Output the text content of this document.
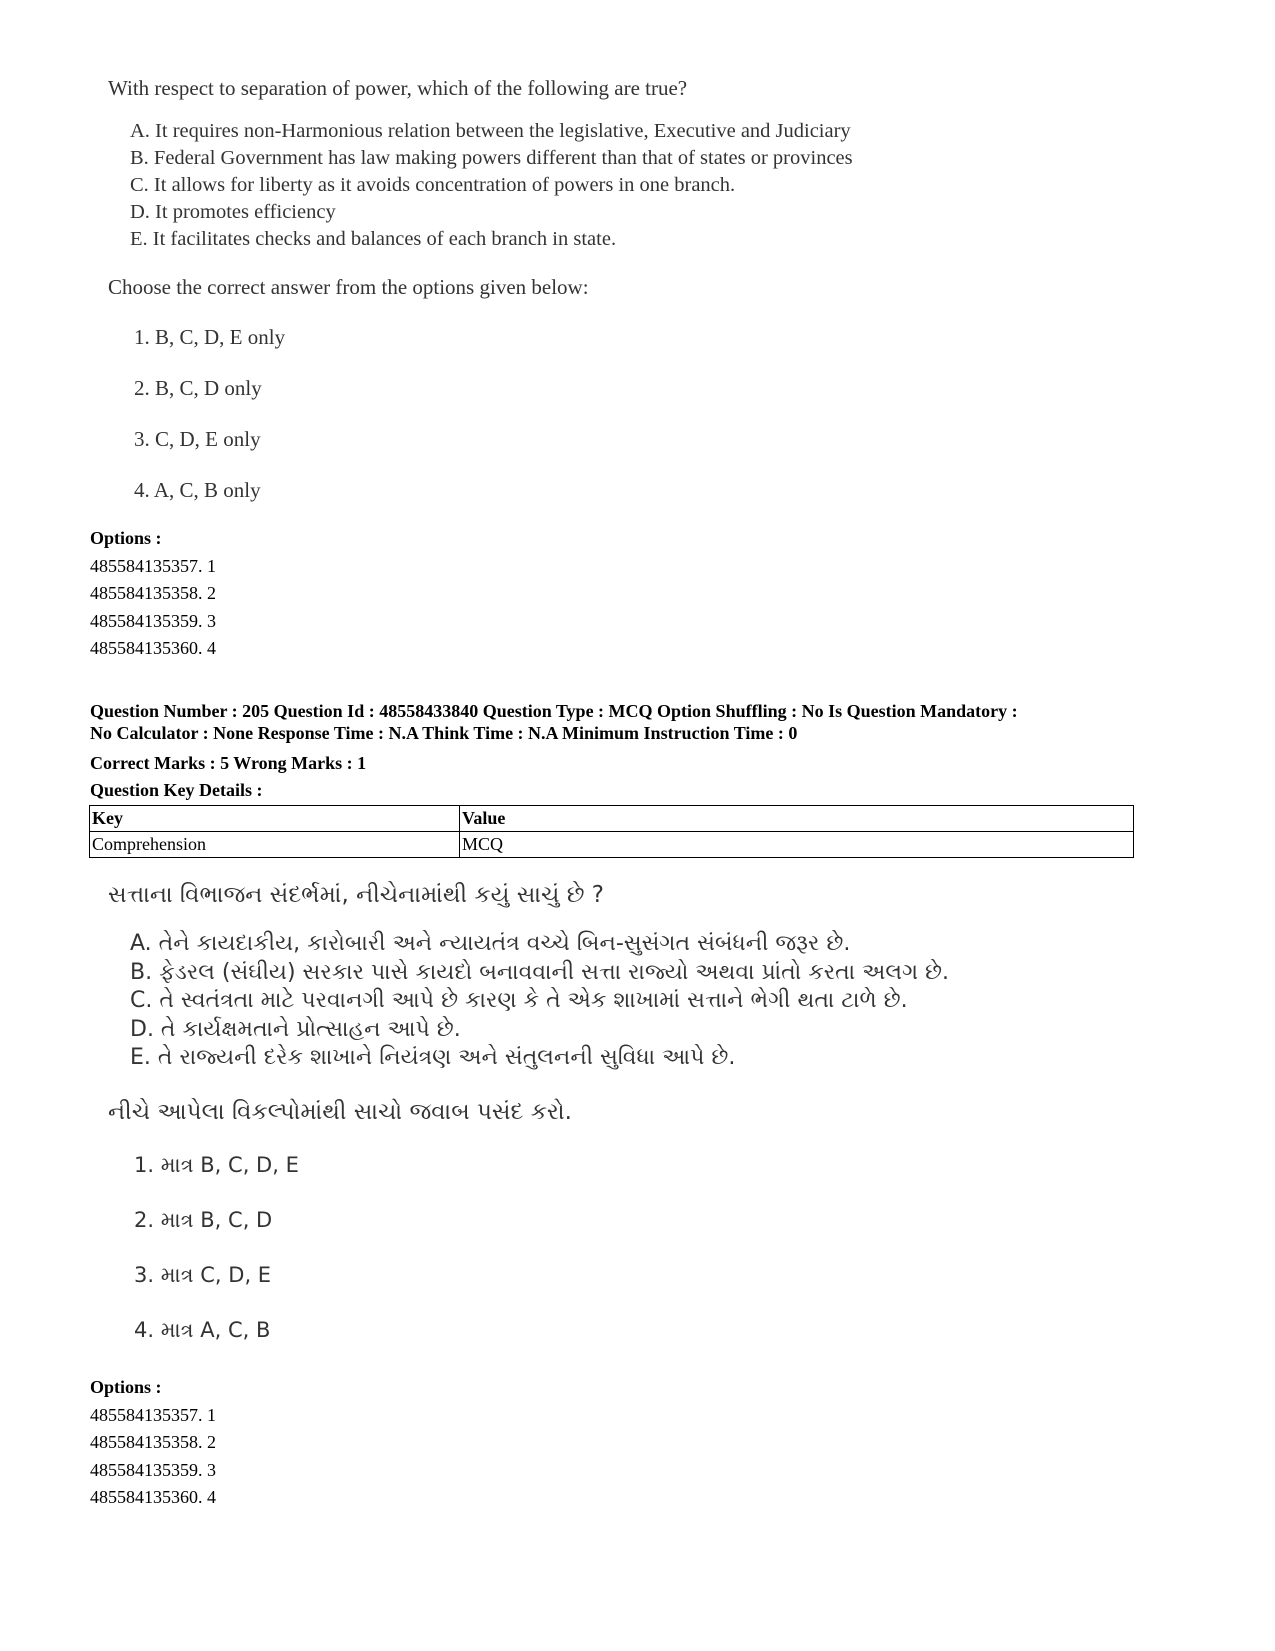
With respect to separation of power, which of the following are true?
A. It requires non-Harmonious relation between the legislative, Executive and Judiciary
B. Federal Government has law making powers different than that of states or provinces
C. It allows for liberty as it avoids concentration of powers in one branch.
D. It promotes efficiency
E. It facilitates checks and balances of each branch in state.
Choose the correct answer from the options given below:
1. B, C, D, E only
2. B, C, D only
3. C, D, E only
4. A, C, B only
Options :
485584135357. 1
485584135358. 2
485584135359. 3
485584135360. 4
Question Number : 205 Question Id : 48558433840 Question Type : MCQ Option Shuffling : No Is Question Mandatory :
No Calculator : None Response Time : N.A Think Time : N.A Minimum Instruction Time : 0
Correct Marks : 5 Wrong Marks : 1
Question Key Details :
Key	Value
Comprehension	MCQ
સત્તાના વિભાજન સંદર્ભમાં, નીચેનામાંથી કયું સાચું છે ?
A. તેને કાયદાકીય, કારોબારી અને ન્યાયતંત્ર વચ્ચે બિન-સુસંગત સંબંધની જરૂર છે.
B. ફેડરલ (સંઘીય) સરકાર પાસે કાયદો બનાવવાની સત્તા રાજ્યો અથવા પ્રાંતો કરતા અલગ છે.
C. તે સ્વતંત્રતા માટે પરવાનગી આપે છે કારણ કે તે એક શાખામાં સત્તાને ભેગી થતા ટાળે છે.
D. તે કાર્યક્ષમતાને પ્રોત્સાહન આપે છે.
E. તે રાજ્યની દરેક શાખાને નિયંત્રણ અને સંતુલનની સુવિધા આપે છે.
નીચે આપેલા વિકલ્પોમાંથી સાચો જવાબ પસંદ કરો.
1. માત્ર B, C, D, E
2. માત્ર B, C, D
3. માત્ર C, D, E
4. માત્ર A, C, B
Options :
485584135357. 1
485584135358. 2
485584135359. 3
485584135360. 4
